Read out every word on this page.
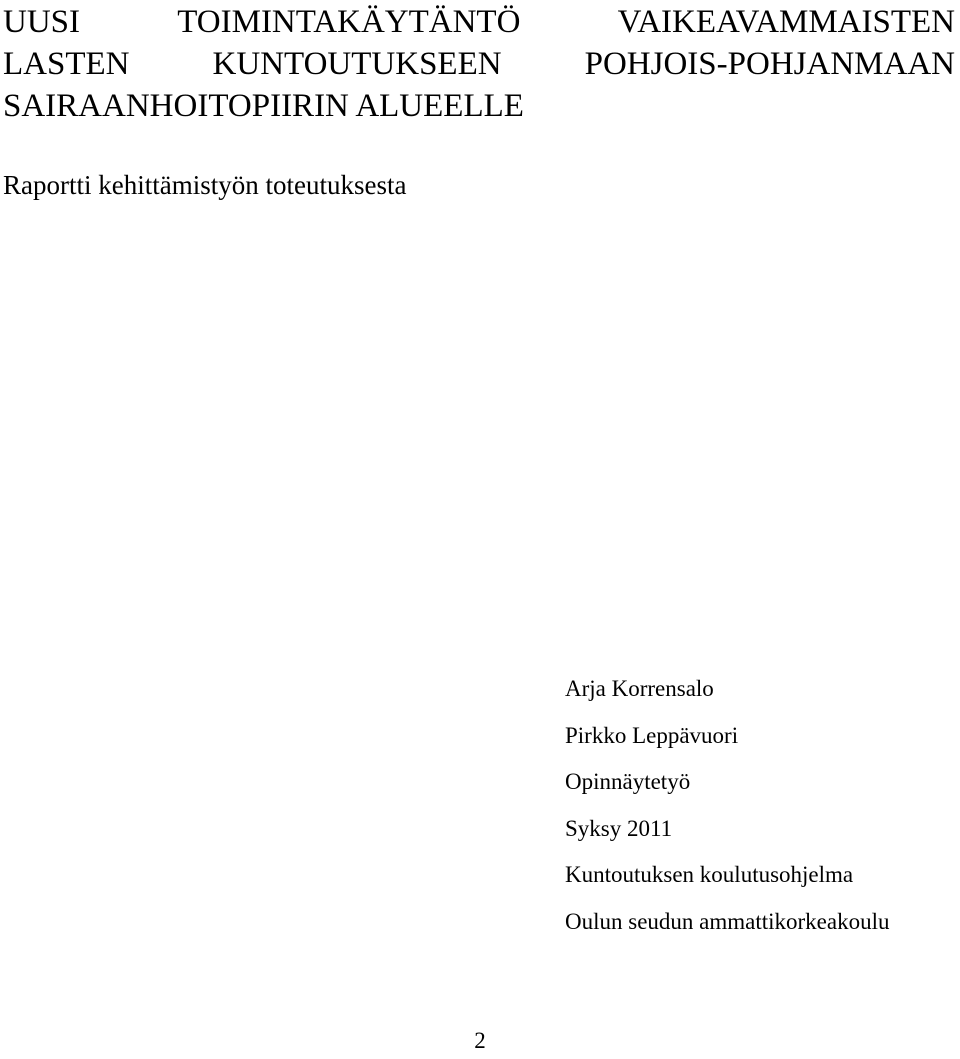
UUSI TOIMINTAKÄYTÄNTÖ VAIKEAVAMMAISTEN
LASTEN KUNTOUTUKSEEN POHJOIS-POHJANMAAN
SAIRAANHOITOPIIRIN ALUEELLE

Raportti kehittämistyön toteutuksesta

Arja Korrensalo
Pirkko Leppävuori
Opinnäytetyö
Syksy 2011
Kuntoutuksen koulutusohjelma
Oulun seudun ammattikorkeakoulu
2
